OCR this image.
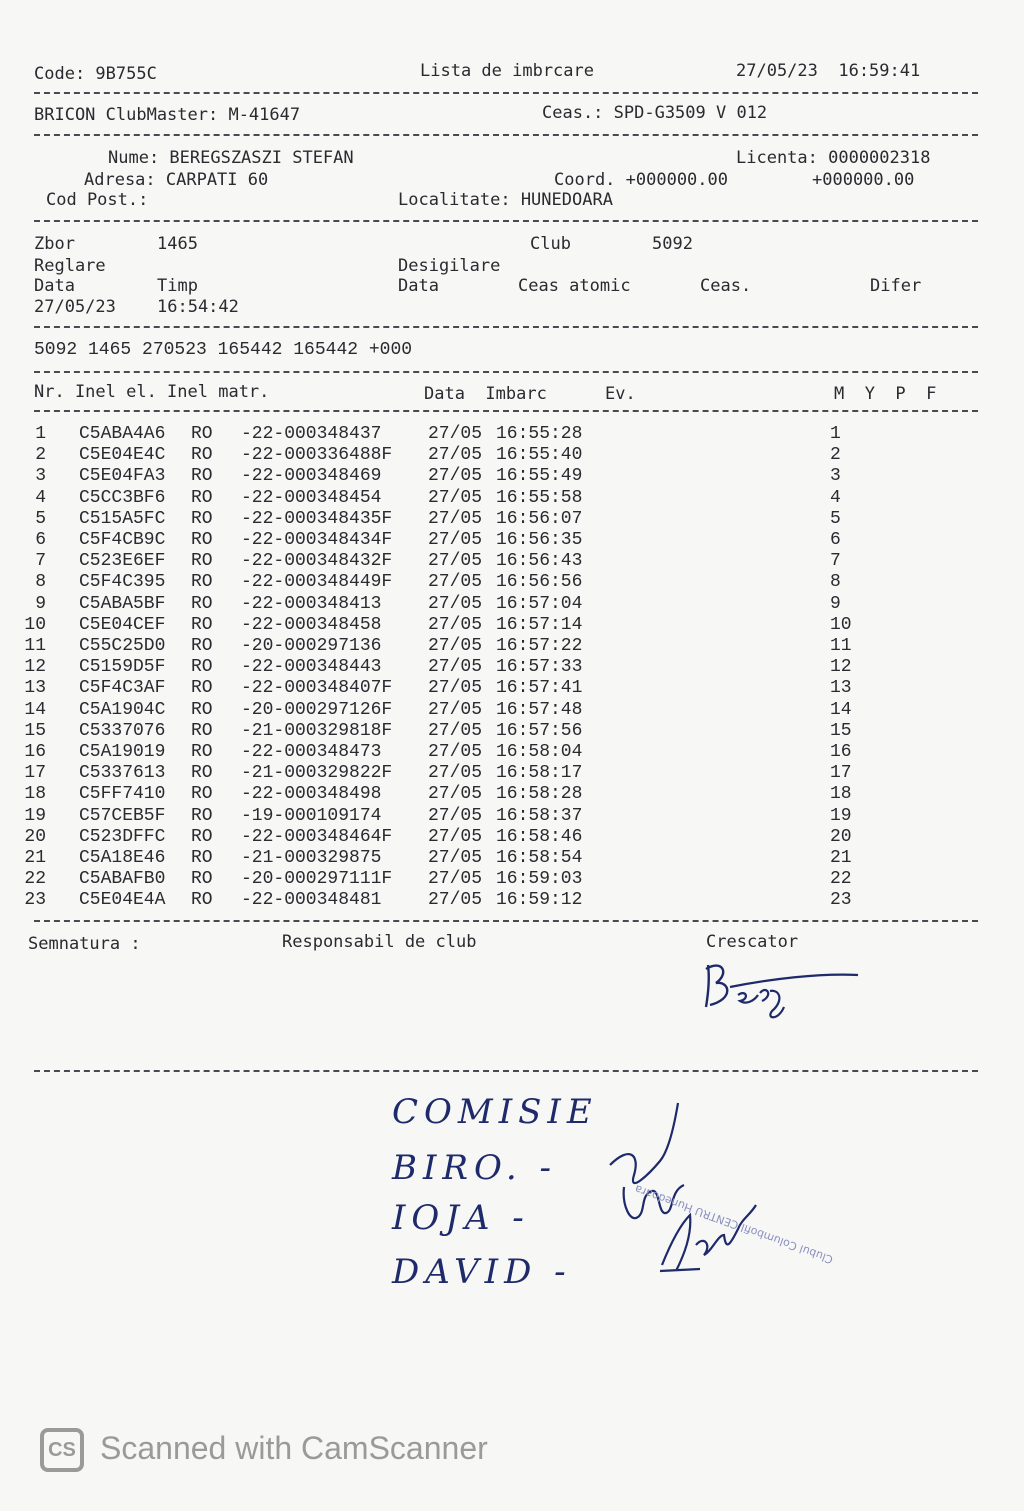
Code: 9B755C	Lista de imbrcare	27/05/23  16:59:41
BRICON ClubMaster: M-41647	Ceas.: SPD-G3509 V 012
Nume: BEREGSZASZI STEFAN	Licenta: 0000002318
Adresa: CARPATI 60	Coord. +000000.00	+000000.00
Cod Post.:	Localitate: HUNEDOARA
Zbor	1465	Club	5092
Reglare	Desigilare
Data	Timp	Data	Ceas atomic	Ceas.	Difer
27/05/23 16:54:42
5092 1465 270523 165442 165442 +000
Nr. Inel el. Inel matr.	Data  Imbarc	Ev.	M  Y  P  F
1 C5ABA4A6 RO -22-000348437	27/05 16:55:28	1
2 C5E04E4C RO -22-000336488F 27/05 16:55:40	2
3 C5E04FA3 RO -22-000348469	27/05 16:55:49	3
4 C5CC3BF6 RO -22-000348454	27/05 16:55:58	4
5 C515A5FC RO -22-000348435F 27/05 16:56:07	5
6 C5F4CB9C RO -22-000348434F 27/05 16:56:35	6
7 C523E6EF RO -22-000348432F 27/05 16:56:43	7
8 C5F4C395 RO -22-000348449F 27/05 16:56:56	8
9 C5ABA5BF RO -22-000348413	27/05 16:57:04	9
10 C5E04CEF RO -22-000348458	27/05 16:57:14	10
11 C55C25D0 RO -20-000297136	27/05 16:57:22	11
12 C5159D5F RO -22-000348443	27/05 16:57:33	12
13 C5F4C3AF RO -22-000348407F 27/05 16:57:41	13
14 C5A1904C RO -20-000297126F 27/05 16:57:48	14
15 C5337076 RO -21-000329818F 27/05 16:57:56	15
16 C5A19019 RO -22-000348473	27/05 16:58:04	16
17 C5337613 RO -21-000329822F 27/05 16:58:17	17
18 C5FF7410 RO -22-000348498	27/05 16:58:28	18
19 C57CEB5F RO -19-000109174	27/05 16:58:37	19
20 C523DFFC RO -22-000348464F 27/05 16:58:46	20
21 C5A18E46 RO -21-000329875	27/05 16:58:54	21
22 C5ABAFB0 RO -20-000297111F 27/05 16:59:03	22
23 C5E04E4A RO -22-000348481	27/05 16:59:12	23
Semnatura :	Responsabil de club	Crescator
COMISIE
BIRO. -
IOJA -
DAVID -
Clubul Columbofil CENTRU Hunedoara
CS Scanned with CamScanner
